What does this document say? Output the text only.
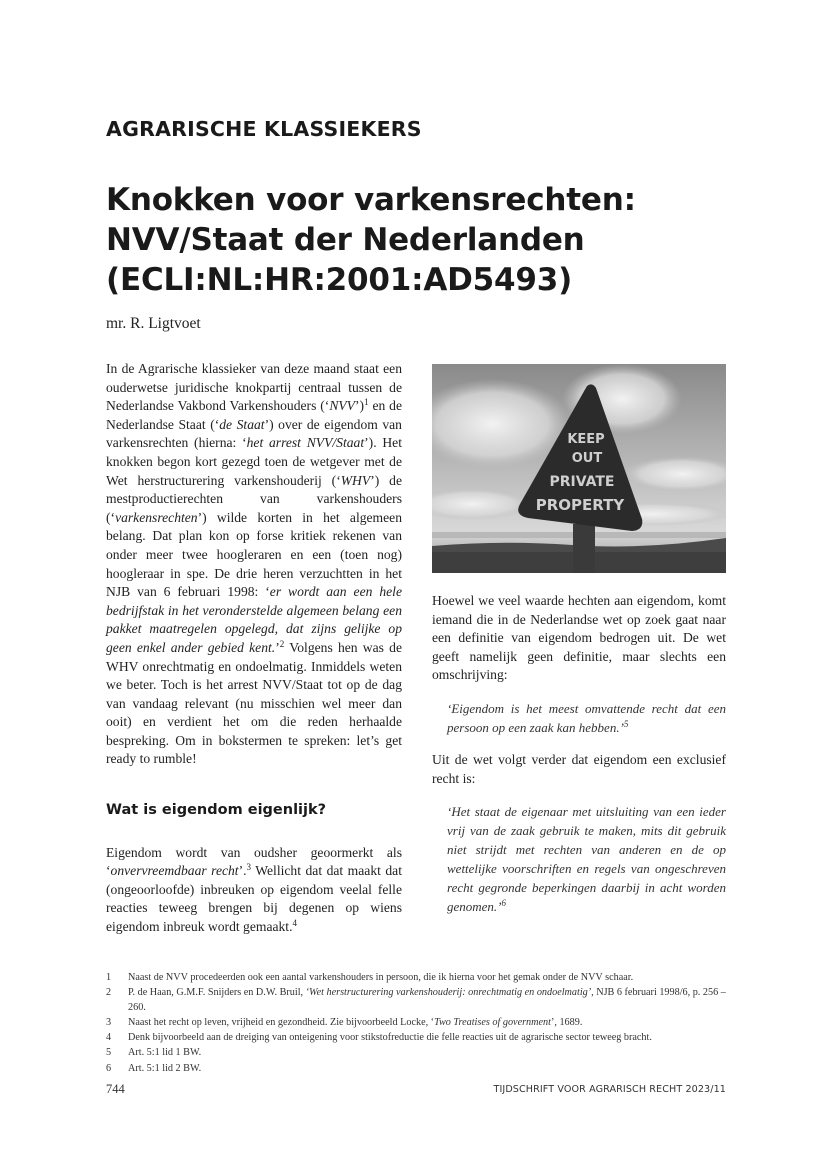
AGRARISCHE KLASSIEKERS
Knokken voor varkensrechten:
NVV/Staat der Nederlanden
(ECLI:NL:HR:2001:AD5493)
mr. R. Ligtvoet

In de Agrarische klassieker van deze maand staat een ouderwetse juridische knokpartij centraal tussen de Nederlandse Vakbond Varkenshouders (‘NVV’)$^1$ en de Nederlandse Staat (‘de Staat’) over de eigendom van varkensrechten (hierna: ‘het arrest NVV/Staat’). Het knokken begon kort gezegd toen de wetgever met de Wet herstructurering varkenshouderij (‘WHV’) de mestproductierechten van varkenshouders (‘varkensrechten’) wilde korten in het algemeen belang. Dat plan kon op forse kritiek rekenen van onder meer twee hoogleraren en een (toen nog) hoogleraar in spe. De drie heren verzuchtten in het NJB van 6 februari 1998: ‘er wordt aan een hele bedrijfstak in het veronderstelde algemeen belang een pakket maatregelen opgelegd, dat zijns gelijke op geen enkel ander gebied kent.’$^2$ Volgens hen was de WHV onrechtmatig en ondoelmatig. Inmiddels weten we beter. Toch is het arrest NVV/Staat tot op de dag van vandaag relevant (nu misschien wel meer dan ooit) en verdient het om die reden herhaalde bespreking. Om in bokstermen te spreken: let’s get ready to rumble!

Wat is eigendom eigenlijk?

Eigendom wordt van oudsher geoormerkt als ‘onvervreemdbaar recht’.$^3$ Wellicht dat dat maakt dat (ongeoorloofde) inbreuken op eigendom veelal felle reacties teweeg brengen bij degenen op wiens eigendom inbreuk wordt gemaakt.$^4$

KEEP
OUT
PRIVATE
PROPERTY

Hoewel we veel waarde hechten aan eigendom, komt iemand die in de Nederlandse wet op zoek gaat naar een definitie van eigendom bedrogen uit. De wet geeft namelijk geen definitie, maar slechts een omschrijving:

‘Eigendom is het meest omvattende recht dat een persoon op een zaak kan hebben.’$^5$

Uit de wet volgt verder dat eigendom een exclusief recht is:

‘Het staat de eigenaar met uitsluiting van een ieder vrij van de zaak gebruik te maken, mits dit gebruik niet strijdt met rechten van anderen en de op wettelijke voorschriften en regels van ongeschreven recht gegronde beperkingen daarbij in acht worden genomen.’$^6$

1	Naast de NVV procedeerden ook een aantal varkenshouders in persoon, die ik hierna voor het gemak onder de NVV schaar.
2	P. de Haan, G.M.F. Snijders en D.W. Bruil, ‘Wet herstructurering varkenshouderij: onrechtmatig en ondoelmatig’, NJB 6 februari 1998/6, p. 256 – 260.
3	Naast het recht op leven, vrijheid en gezondheid. Zie bijvoorbeeld Locke, ‘Two Treatises of government’, 1689.
4	Denk bijvoorbeeld aan de dreiging van onteigening voor stikstofreductie die felle reacties uit de agrarische sector teweeg bracht.
5	Art. 5:1 lid 1 BW.
6	Art. 5:1 lid 2 BW.
744	TIJDSCHRIFT VOOR AGRARISCH RECHT 2023/11
